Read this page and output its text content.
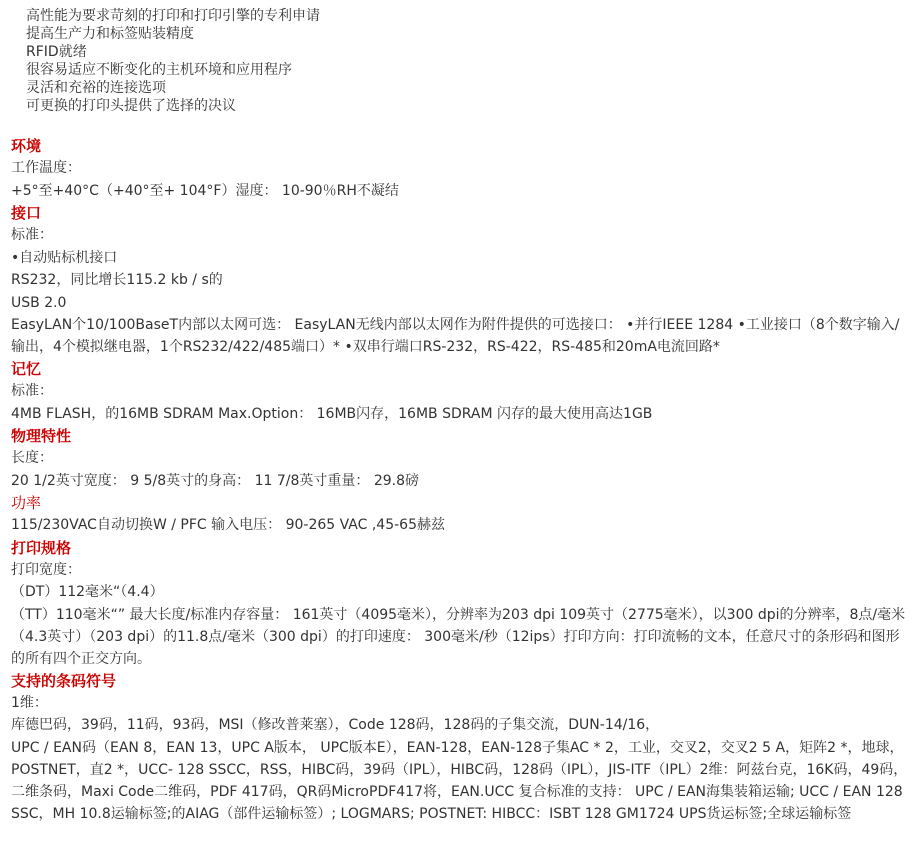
高性能为要求苛刻的打印和打印引擎的专利申请
提高生产力和标签贴装精度
RFID就绪
很容易适应不断变化的主机环境和应用程序
灵活和充裕的连接选项
可更换的打印头提供了选择的决议
环境
工作温度：
+5°至+40°C（+40°至+ 104°F）湿度： 10-90％RH不凝结
接口
标准：
•自动贴标机接口
RS232，同比增长115.2 kb / s的
USB 2.0
EasyLAN个10/100BaseT内部以太网可选： EasyLAN无线内部以太网作为附件提供的可选接口： •并行IEEE 1284 •工业接口（8个数字输入/输出，4个模拟继电器，1个RS232/422/485端口）* •双串行端口RS-232，RS-422，RS-485和20mA电流回路*
记忆
标准：
4MB FLASH，的16MB SDRAM Max.Option： 16MB闪存，16MB SDRAM 闪存的最大使用高达1GB
物理特性
长度：
20 1/2英寸宽度： 9 5/8英寸的身高： 11 7/8英寸重量： 29.8磅
功率
115/230VAC自动切换W / PFC 输入电压： 90-265 VAC ,45-65赫兹
打印规格
打印宽度：
（DT）112毫米“（4.4）
（TT）110毫米“” 最大长度/标准内存容量： 161英寸（4095毫米），分辨率为203 dpi 109英寸（2775毫米），以300 dpi的分辨率，8点/毫米（4.3英寸）（203 dpi）的11.8点/毫米（300 dpi）的打印速度： 300毫米/秒（12ips）打印方向：打印流畅的文本，任意尺寸的条形码和图形的所有四个正交方向。
支持的条码符号
1维：
库德巴码，39码，11码，93码，MSI（修改普莱塞），Code 128码，128码的子集交流，DUN-14/16，
UPC / EAN码（EAN 8，EAN 13，UPC A版本， UPC版本E），EAN-128，EAN-128子集AC * 2，工业，交叉2，交叉2 5 A，矩阵2 *，地球，POSTNET，直2 *，UCC- 128 SSCC，RSS，HIBC码，39码（IPL），HIBC码，128码（IPL），JIS-ITF（IPL）2维：阿兹台克，16K码，49码，二维条码，Maxi Code二维码，PDF 417码，QR码MicroPDF417将，EAN.UCC 复合标准的支持： UPC / EAN海集装箱运输; UCC / EAN 128 SSC，MH 10.8运输标签;的AIAG（部件运输标签）; LOGMARS; POSTNET: HIBCC：ISBT 128 GM1724 UPS货运标签;全球运输标签
